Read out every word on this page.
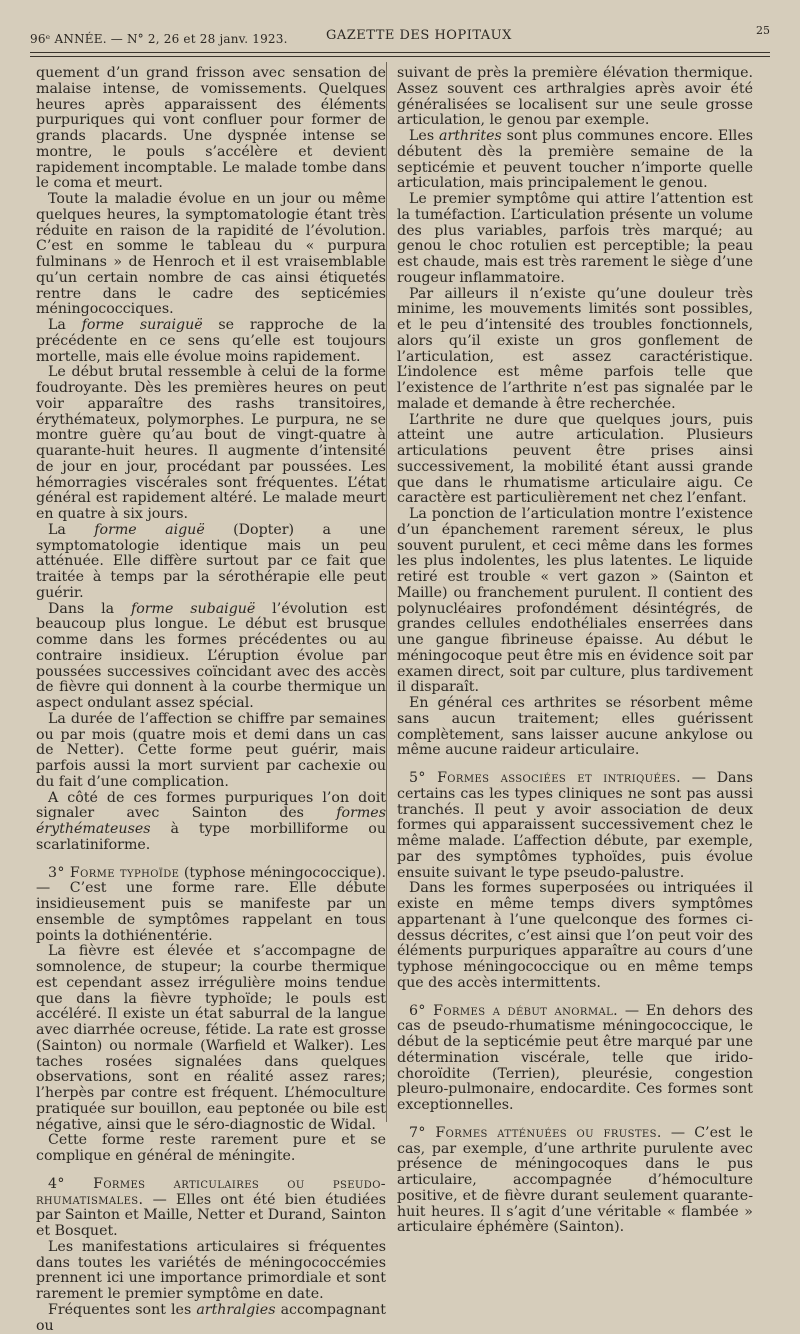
96ᵉ ANNÉE. — N° 2, 26 et 28 janv. 1923.	GAZETTE DES HOPITAUX	25

quement d’un grand frisson avec sensation de malaise intense, de vomissements. Quelques heures après apparaissent des éléments purpuriques qui vont confluer pour former de grands placards. Une dyspnée intense se montre, le pouls s’accélère et devient rapidement incomptable. Le malade tombe dans le coma et meurt.

Toute la maladie évolue en un jour ou même quelques heures, la symptomatologie étant très réduite en raison de la rapidité de l’évolution. C’est en somme le tableau du « purpura fulminans » de Henroch et il est vraisemblable qu’un certain nombre de cas ainsi étiquetés rentre dans le cadre des septicémies méningococciques.

La forme suraiguë se rapproche de la précédente en ce sens qu’elle est toujours mortelle, mais elle évolue moins rapidement.

Le début brutal ressemble à celui de la forme foudroyante. Dès les premières heures on peut voir apparaître des rashs transitoires, érythémateux, polymorphes. Le purpura, ne se montre guère qu’au bout de vingt-quatre à quarante-huit heures. Il augmente d’intensité de jour en jour, procédant par poussées. Les hémorragies viscérales sont fréquentes. L’état général est rapidement altéré. Le malade meurt en quatre à six jours.

La forme aiguë (Dopter) a une symptomatologie identique mais un peu atténuée. Elle diffère surtout par ce fait que traitée à temps par la sérothérapie elle peut guérir.

Dans la forme subaiguë l’évolution est beaucoup plus longue. Le début est brusque comme dans les formes précédentes ou au contraire insidieux. L’éruption évolue par poussées successives coïncidant avec des accès de fièvre qui donnent à la courbe thermique un aspect ondulant assez spécial.

La durée de l’affection se chiffre par semaines ou par mois (quatre mois et demi dans un cas de Netter). Cette forme peut guérir, mais parfois aussi la mort survient par cachexie ou du fait d’une complication.

A côté de ces formes purpuriques l’on doit signaler avec Sainton des formes érythémateuses à type morbilliforme ou scarlatiniforme.

3° Forme typhoïde (typhose méningococcique). — C’est une forme rare. Elle débute insidieusement puis se manifeste par un ensemble de symptômes rappelant en tous points la dothiénentérie.

La fièvre est élevée et s’accompagne de somnolence, de stupeur; la courbe thermique est cependant assez irrégulière moins tendue que dans la fièvre typhoïde; le pouls est accéléré. Il existe un état saburral de la langue avec diarrhée ocreuse, fétide. La rate est grosse (Sainton) ou normale (Warfield et Walker). Les taches rosées signalées dans quelques observations, sont en réalité assez rares; l’herpès par contre est fréquent. L’hémoculture pratiquée sur bouillon, eau peptonée ou bile est négative, ainsi que le séro-diagnostic de Widal.

Cette forme reste rarement pure et se complique en général de méningite.

4° Formes articulaires ou pseudo-rhumatismales. — Elles ont été bien étudiées par Sainton et Maille, Netter et Durand, Sainton et Bosquet.

Les manifestations articulaires si fréquentes dans toutes les variétés de méningococcémies prennent ici une importance primordiale et sont rarement le premier symptôme en date.

Fréquentes sont les arthralgies accompagnant ou

suivant de près la première élévation thermique. Assez souvent ces arthralgies après avoir été généralisées se localisent sur une seule grosse articulation, le genou par exemple.

Les arthrites sont plus communes encore. Elles débutent dès la première semaine de la septicémie et peuvent toucher n’importe quelle articulation, mais principalement le genou.

Le premier symptôme qui attire l’attention est la tuméfaction. L’articulation présente un volume des plus variables, parfois très marqué; au genou le choc rotulien est perceptible; la peau est chaude, mais est très rarement le siège d’une rougeur inflammatoire.

Par ailleurs il n’existe qu’une douleur très minime, les mouvements limités sont possibles, et le peu d’intensité des troubles fonctionnels, alors qu’il existe un gros gonflement de l’articulation, est assez caractéristique. L’indolence est même parfois telle que l’existence de l’arthrite n’est pas signalée par le malade et demande à être recherchée.

L’arthrite ne dure que quelques jours, puis atteint une autre articulation. Plusieurs articulations peuvent être prises ainsi successivement, la mobilité étant aussi grande que dans le rhumatisme articulaire aigu. Ce caractère est particulièrement net chez l’enfant.

La ponction de l’articulation montre l’existence d’un épanchement rarement séreux, le plus souvent purulent, et ceci même dans les formes les plus indolentes, les plus latentes. Le liquide retiré est trouble « vert gazon » (Sainton et Maille) ou franchement purulent. Il contient des polynucléaires profondément désintégrés, de grandes cellules endothéliales enserrées dans une gangue fibrineuse épaisse. Au début le méningocoque peut être mis en évidence soit par examen direct, soit par culture, plus tardivement il disparaît.

En général ces arthrites se résorbent même sans aucun traitement; elles guérissent complètement, sans laisser aucune ankylose ou même aucune raideur articulaire.

5° Formes associées et intriquées. — Dans certains cas les types cliniques ne sont pas aussi tranchés. Il peut y avoir association de deux formes qui apparaissent successivement chez le même malade. L’affection débute, par exemple, par des symptômes typhoïdes, puis évolue ensuite suivant le type pseudo-palustre.

Dans les formes superposées ou intriquées il existe en même temps divers symptômes appartenant à l’une quelconque des formes ci-dessus décrites, c’est ainsi que l’on peut voir des éléments purpuriques apparaître au cours d’une typhose méningococcique ou en même temps que des accès intermittents.

6° Formes a début anormal. — En dehors des cas de pseudo-rhumatisme méningococcique, le début de la septicémie peut être marqué par une détermination viscérale, telle que irido-choroïdite (Terrien), pleurésie, congestion pleuro-pulmonaire, endocardite. Ces formes sont exceptionnelles.

7° Formes atténuées ou frustes. — C’est le cas, par exemple, d’une arthrite purulente avec présence de méningocoques dans le pus articulaire, accompagnée d’hémoculture positive, et de fièvre durant seulement quarante-huit heures. Il s’agit d’une véritable « flambée » articulaire éphémère (Sainton).
